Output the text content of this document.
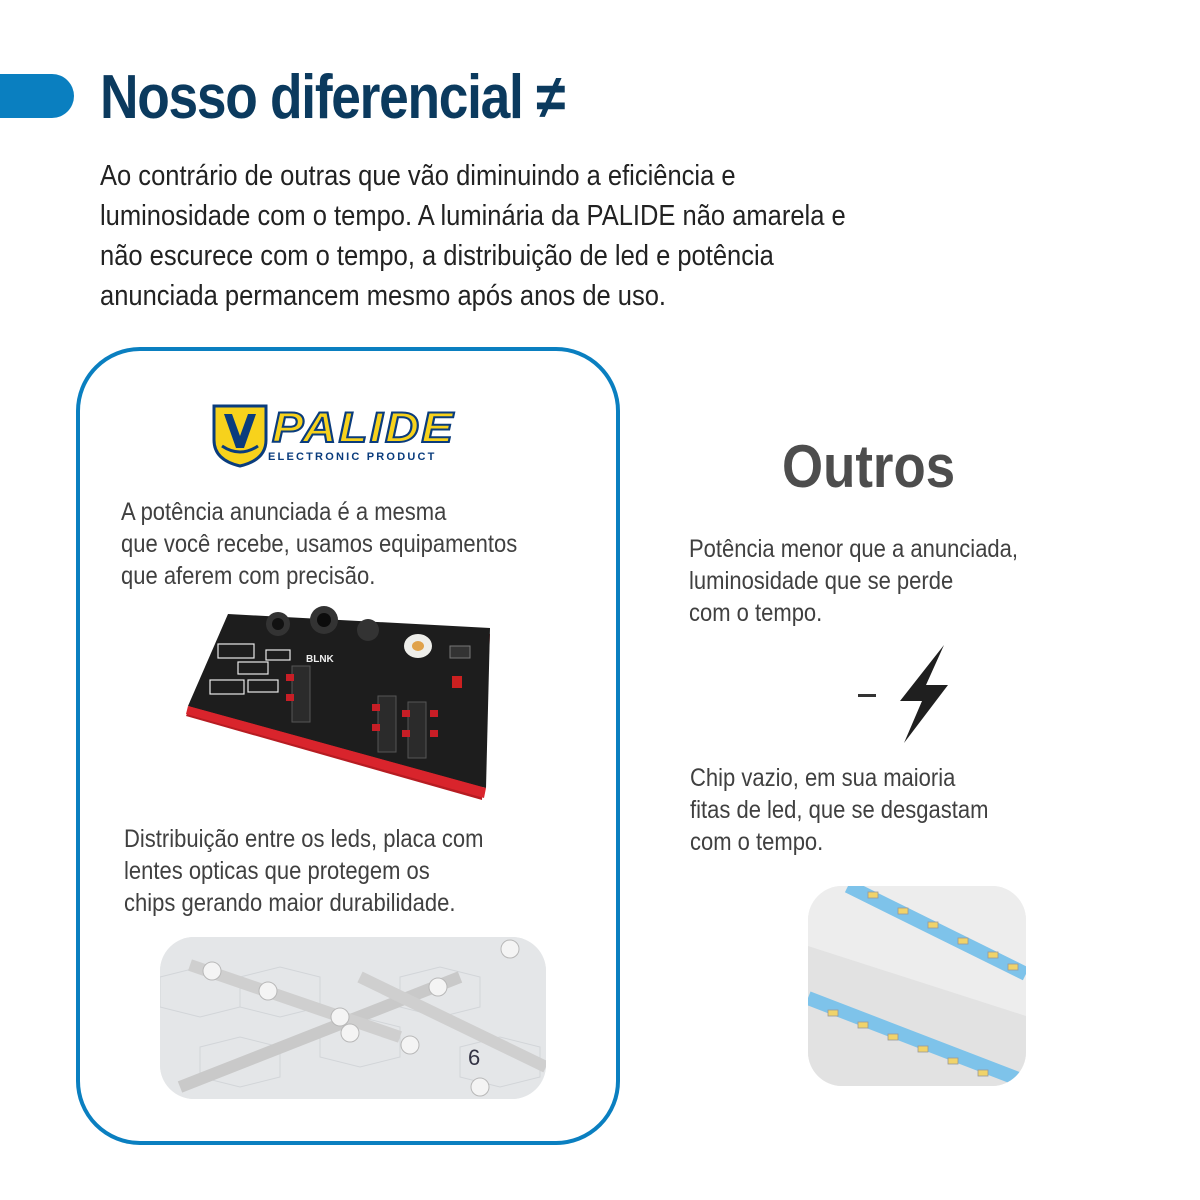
Nosso diferencial ≠
Ao contrário de outras que vão diminuindo a eficiência e
luminosidade com o tempo. A luminária da PALIDE não amarela e
não escurece com o tempo, a distribuição de led e potência
anunciada permancem mesmo após anos de uso.
PALIDE
ELECTRONIC PRODUCT
A potência anunciada é a mesma
que você recebe, usamos equipamentos
que aferem com precisão.
BLNK
Distribuição entre os leds, placa com
lentes opticas que protegem os
chips gerando maior durabilidade.
6
Outros
Potência menor que a anunciada,
luminosidade que se perde
com o tempo.
Chip vazio, em sua maioria
fitas de led, que se desgastam
com o tempo.
